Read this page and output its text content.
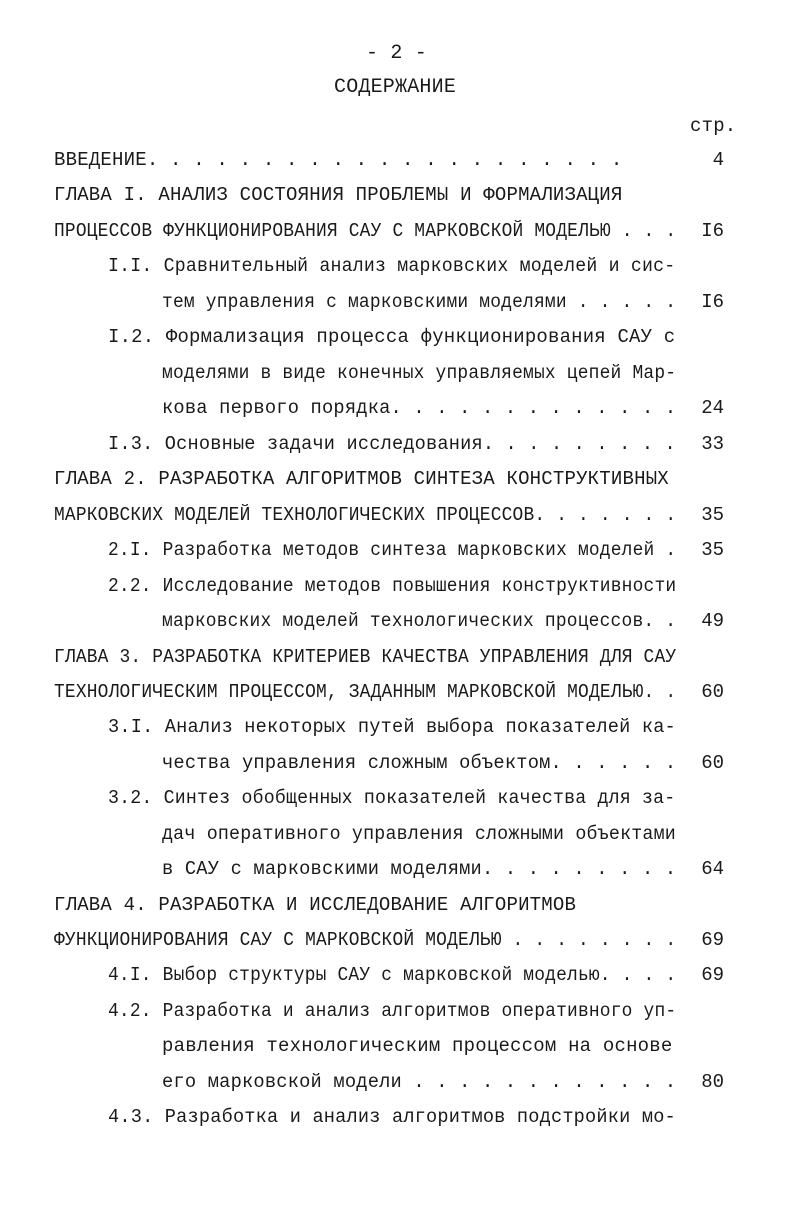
- 2 -
СОДЕРЖАНИЕ
стр.
ВВЕДЕНИЕ. . . . . . . . . . . . . . . . . . . . .	4
ГЛАВА I. АНАЛИЗ СОСТОЯНИЯ ПРОБЛЕМЫ И ФОРМАЛИЗАЦИЯ
ПРОЦЕССОВ ФУНКЦИОНИРОВАНИЯ САУ С МАРКОВСКОЙ МОДЕЛЬЮ . . .	I6
I.I. Сравнительный анализ марковских моделей и сис-
тем управления с марковскими моделями . . . . .	I6
I.2. Формализация процесса функционирования САУ с
моделями в виде конечных управляемых цепей Мар-
кова первого порядка. . . . . . . . . . . . .	24
I.3. Основные задачи исследования. . . . . . . . .	33
ГЛАВА 2. РАЗРАБОТКА АЛГОРИТМОВ СИНТЕЗА КОНСТРУКТИВНЫХ
МАРКОВСКИХ МОДЕЛЕЙ ТЕХНОЛОГИЧЕСКИХ ПРОЦЕССОВ. . . . . . .	35
2.I. Разработка методов синтеза марковских моделей .	35
2.2. Исследование методов повышения конструктивности
марковских моделей технологических процессов. .	49
ГЛАВА 3. РАЗРАБОТКА КРИТЕРИЕВ КАЧЕСТВА УПРАВЛЕНИЯ ДЛЯ САУ
ТЕХНОЛОГИЧЕСКИМ ПРОЦЕССОМ, ЗАДАННЫМ МАРКОВСКОЙ МОДЕЛЬЮ. .	60
3.I. Анализ некоторых путей выбора показателей ка-
чества управления сложным объектом. . . . . .	60
3.2. Синтез обобщенных показателей качества для за-
дач оперативного управления сложными объектами
в САУ с марковскими моделями. . . . . . . . .	64
ГЛАВА 4. РАЗРАБОТКА И ИССЛЕДОВАНИЕ АЛГОРИТМОВ
ФУНКЦИОНИРОВАНИЯ САУ С МАРКОВСКОЙ МОДЕЛЬЮ . . . . . . . .	69
4.I. Выбор структуры САУ с марковской моделью. . . .	69
4.2. Разработка и анализ алгоритмов оперативного уп-
равления технологическим процессом на основе
его марковской модели . . . . . . . . . . . .	80
4.3. Разработка и анализ алгоритмов подстройки мо-
